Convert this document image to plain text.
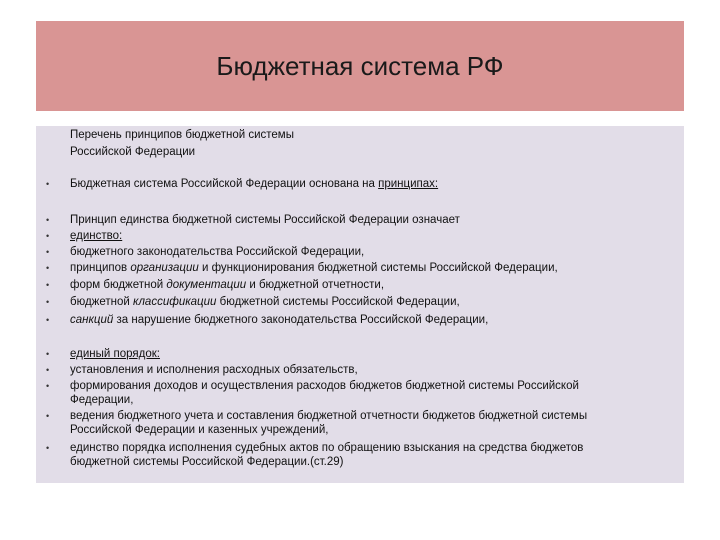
Бюджетная система РФ
Перечень принципов бюджетной системы
Российской Федерации
• Бюджетная система Российской Федерации основана на принципах:
• Принцип единства бюджетной системы Российской Федерации означает
• единство:
• бюджетного законодательства Российской Федерации,
• принципов организации и функционирования бюджетной системы Российской Федерации,
• форм бюджетной документации и бюджетной отчетности,
• бюджетной классификации бюджетной системы Российской Федерации,
• санкций за нарушение бюджетного законодательства Российской Федерации,
• единый порядок:
• установления и исполнения расходных обязательств,
• формирования доходов и осуществления расходов бюджетов бюджетной системы Российской
Федерации,
• ведения бюджетного учета и составления бюджетной отчетности бюджетов бюджетной системы
Российской Федерации и казенных учреждений,
• единство порядка исполнения судебных актов по обращению взыскания на средства бюджетов
бюджетной системы Российской Федерации.(ст.29)
